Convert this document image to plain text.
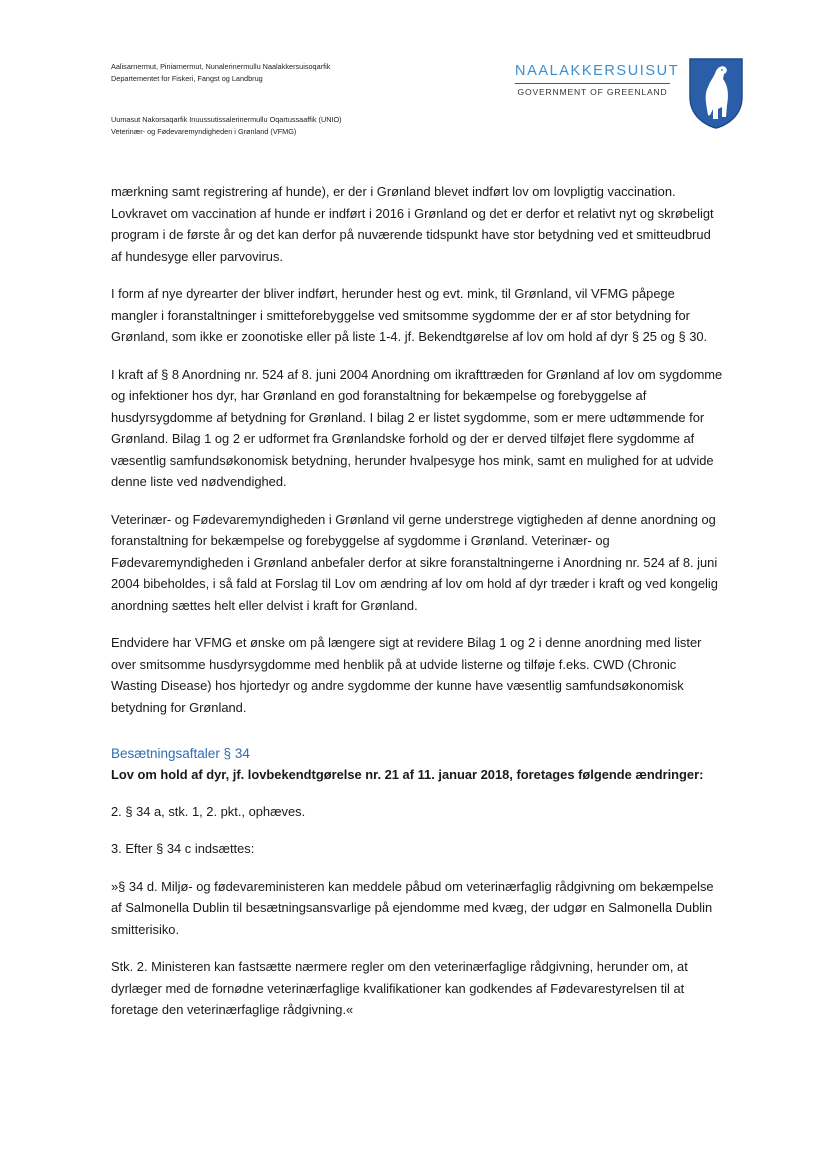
Aalisarnermut, Piniarnermut, Nunalerinermullu Naalakkersuisoqarfik
Departementet for Fiskeri, Fangst og Landbrug
Uumasut Nakorsaqarfik Inuussutissalerinermullu Oqartussaaffik (UNIO)
Veterinær- og Fødevaremyndigheden i Grønland (VFMG)
NAALAKKERSUISUT
GOVERNMENT OF GREENLAND

mærkning samt registrering af hunde), er der i Grønland blevet indført lov om lovpligtig vaccination. Lovkravet om vaccination af hunde er indført i 2016 i Grønland og det er derfor et relativt nyt og skrøbeligt program i de første år og det kan derfor på nuværende tidspunkt have stor betydning ved et smitteudbrud af hundesyge eller parvovirus.

I form af nye dyrearter der bliver indført, herunder hest og evt. mink, til Grønland, vil VFMG påpege mangler i foranstaltninger i smitteforebyggelse ved smitsomme sygdomme der er af stor betydning for Grønland, som ikke er zoonotiske eller på liste 1-4. jf. Bekendtgørelse af lov om hold af dyr § 25 og § 30.

I kraft af § 8 Anordning nr. 524 af 8. juni 2004 Anordning om ikrafttræden for Grønland af lov om sygdomme og infektioner hos dyr, har Grønland en god foranstaltning for bekæmpelse og forebyggelse af husdyrsygdomme af betydning for Grønland. I bilag 2 er listet sygdomme, som er mere udtømmende for Grønland. Bilag 1 og 2 er udformet fra Grønlandske forhold og der er derved tilføjet flere sygdomme af væsentlig samfundsøkonomisk betydning, herunder hvalpesyge hos mink, samt en mulighed for at udvide denne liste ved nødvendighed.

Veterinær- og Fødevaremyndigheden i Grønland vil gerne understrege vigtigheden af denne anordning og foranstaltning for bekæmpelse og forebyggelse af sygdomme i Grønland. Veterinær- og Fødevaremyndigheden i Grønland anbefaler derfor at sikre foranstaltningerne i Anordning nr. 524 af 8. juni 2004 bibeholdes, i så fald at Forslag til Lov om ændring af lov om hold af dyr træder i kraft og ved kongelig anordning sættes helt eller delvist i kraft for Grønland.

Endvidere har VFMG et ønske om på længere sigt at revidere Bilag 1 og 2 i denne anordning med lister over smitsomme husdyrsygdomme med henblik på at udvide listerne og tilføje f.eks. CWD (Chronic Wasting Disease) hos hjortedyr og andre sygdomme der kunne have væsentlig samfundsøkonomisk betydning for Grønland.

Besætningsaftaler § 34
Lov om hold af dyr, jf. lovbekendtgørelse nr. 21 af 11. januar 2018, foretages følgende ændringer:

2. § 34 a, stk. 1, 2. pkt., ophæves.

3. Efter § 34 c indsættes:

»§ 34 d. Miljø- og fødevareministeren kan meddele påbud om veterinærfaglig rådgivning om bekæmpelse af Salmonella Dublin til besætningsansvarlige på ejendomme med kvæg, der udgør en Salmonella Dublin smitterisiko.

Stk. 2. Ministeren kan fastsætte nærmere regler om den veterinærfaglige rådgivning, herunder om, at dyrlæger med de fornødne veterinærfaglige kvalifikationer kan godkendes af Fødevarestyrelsen til at foretage den veterinærfaglige rådgivning.«
